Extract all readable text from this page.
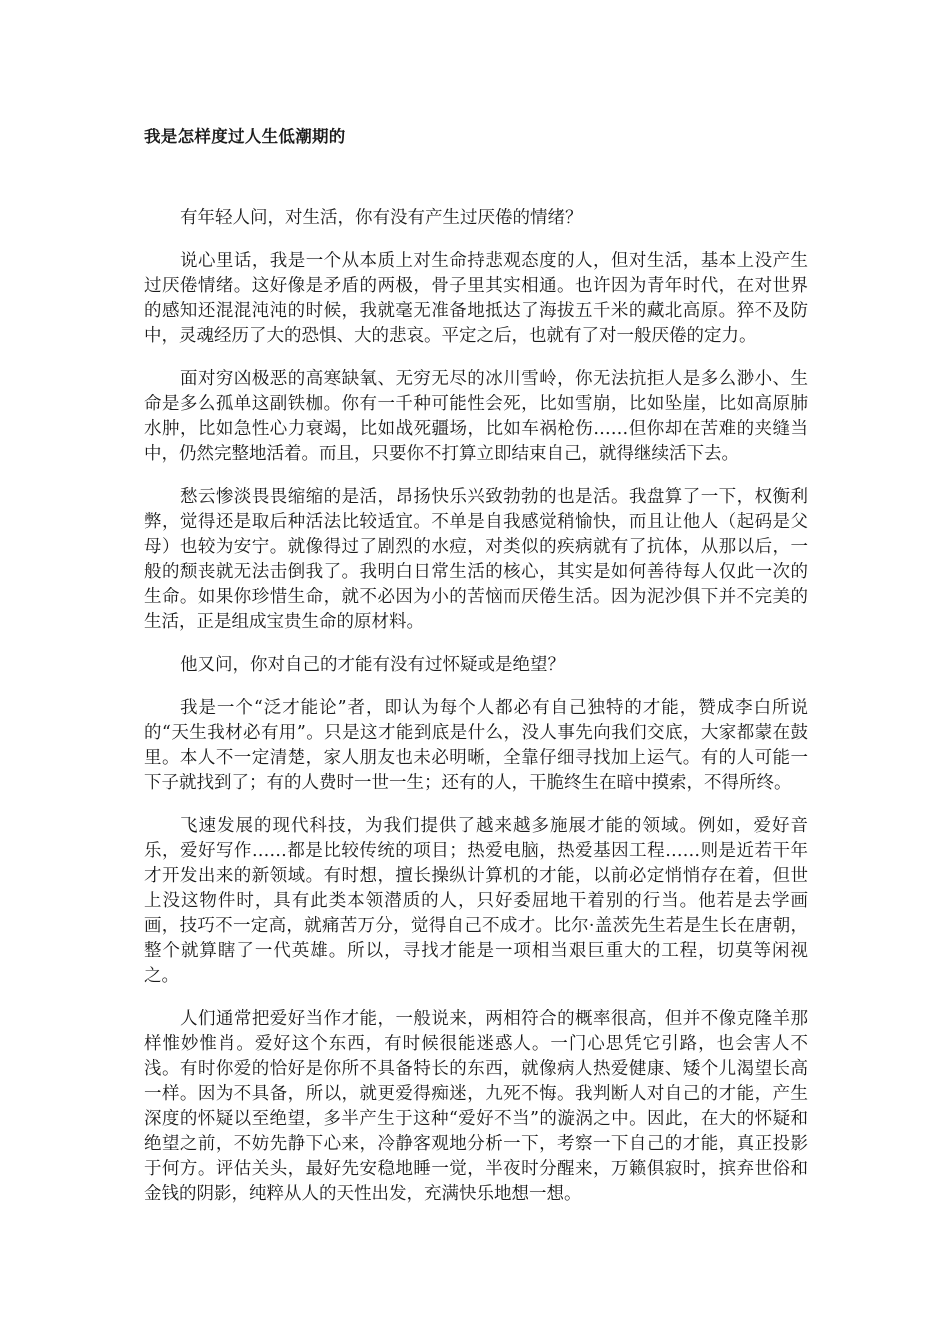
我是怎样度过人生低潮期的

有年轻人问，对生活，你有没有产生过厌倦的情绪？

说心里话，我是一个从本质上对生命持悲观态度的人，但对生活，基本上没产生过厌倦情绪。这好像是矛盾的两极，骨子里其实相通。也许因为青年时代，在对世界的感知还混混沌沌的时候，我就毫无准备地抵达了海拔五千米的藏北高原。猝不及防中，灵魂经历了大的恐惧、大的悲哀。平定之后，也就有了对一般厌倦的定力。

面对穷凶极恶的高寒缺氧、无穷无尽的冰川雪岭，你无法抗拒人是多么渺小、生命是多么孤单这副铁枷。你有一千种可能性会死，比如雪崩，比如坠崖，比如高原肺水肿，比如急性心力衰竭，比如战死疆场，比如车祸枪伤……但你却在苦难的夹缝当中，仍然完整地活着。而且，只要你不打算立即结束自己，就得继续活下去。

愁云惨淡畏畏缩缩的是活，昂扬快乐兴致勃勃的也是活。我盘算了一下，权衡利弊，觉得还是取后种活法比较适宜。不单是自我感觉稍愉快，而且让他人（起码是父母）也较为安宁。就像得过了剧烈的水痘，对类似的疾病就有了抗体，从那以后，一般的颓丧就无法击倒我了。我明白日常生活的核心，其实是如何善待每人仅此一次的生命。如果你珍惜生命，就不必因为小的苦恼而厌倦生活。因为泥沙俱下并不完美的生活，正是组成宝贵生命的原材料。

他又问，你对自己的才能有没有过怀疑或是绝望？

我是一个“泛才能论”者，即认为每个人都必有自己独特的才能，赞成李白所说的“天生我材必有用”。只是这才能到底是什么，没人事先向我们交底，大家都蒙在鼓里。本人不一定清楚，家人朋友也未必明晰，全靠仔细寻找加上运气。有的人可能一下子就找到了；有的人费时一世一生；还有的人，干脆终生在暗中摸索，不得所终。

飞速发展的现代科技，为我们提供了越来越多施展才能的领域。例如，爱好音乐，爱好写作……都是比较传统的项目；热爱电脑，热爱基因工程……则是近若干年才开发出来的新领域。有时想，擅长操纵计算机的才能，以前必定悄悄存在着，但世上没这物件时，具有此类本领潜质的人，只好委屈地干着别的行当。他若是去学画画，技巧不一定高，就痛苦万分，觉得自己不成才。比尔·盖茨先生若是生长在唐朝，整个就算瞎了一代英雄。所以，寻找才能是一项相当艰巨重大的工程，切莫等闲视之。

人们通常把爱好当作才能，一般说来，两相符合的概率很高，但并不像克隆羊那样惟妙惟肖。爱好这个东西，有时候很能迷惑人。一门心思凭它引路，也会害人不浅。有时你爱的恰好是你所不具备特长的东西，就像病人热爱健康、矮个儿渴望长高一样。因为不具备，所以，就更爱得痴迷，九死不悔。我判断人对自己的才能，产生深度的怀疑以至绝望，多半产生于这种“爱好不当”的漩涡之中。因此，在大的怀疑和绝望之前，不妨先静下心来，冷静客观地分析一下，考察一下自己的才能，真正投影于何方。评估关头，最好先安稳地睡一觉，半夜时分醒来，万籁俱寂时，摈弃世俗和金钱的阴影，纯粹从人的天性出发，充满快乐地想一想。
